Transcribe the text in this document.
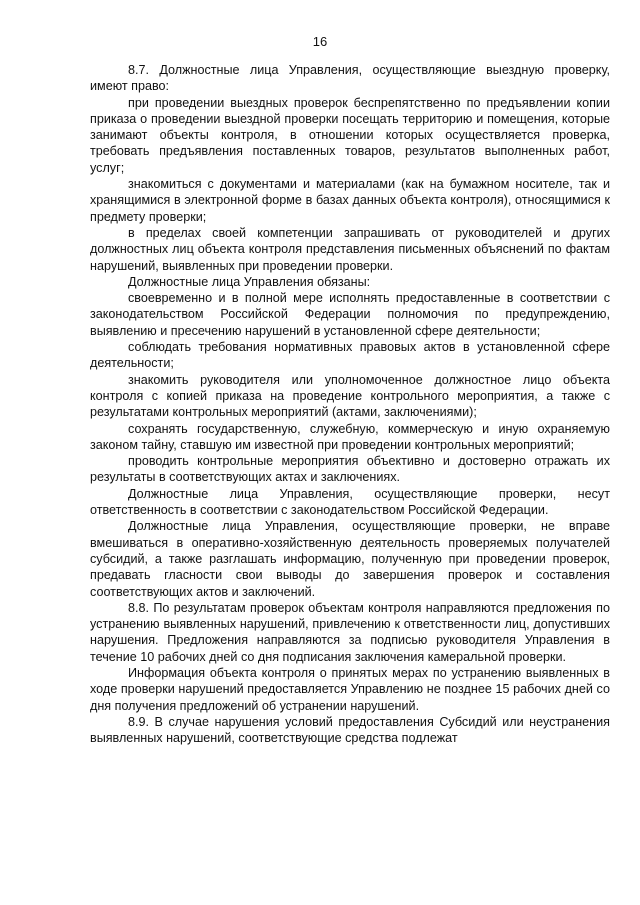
16

8.7. Должностные лица Управления, осуществляющие выездную проверку, имеют право:

при проведении выездных проверок беспрепятственно по предъявлении копии приказа о проведении выездной проверки посещать территорию и помещения, которые занимают объекты контроля, в отношении которых осуществляется проверка, требовать предъявления поставленных товаров, результатов выполненных работ, услуг;

знакомиться с документами и материалами (как на бумажном носителе, так и хранящимися в электронной форме в базах данных объекта контроля), относящимися к предмету проверки;

в пределах своей компетенции запрашивать от руководителей и других должностных лиц объекта контроля представления письменных объяснений по фактам нарушений, выявленных при проведении проверки.

Должностные лица Управления обязаны:

своевременно и в полной мере исполнять предоставленные в соответствии с законодательством Российской Федерации полномочия по предупреждению, выявлению и пресечению нарушений в установленной сфере деятельности;

соблюдать требования нормативных правовых актов в установленной сфере деятельности;

знакомить руководителя или уполномоченное должностное лицо объекта контроля с копией приказа на проведение контрольного мероприятия, а также с результатами контрольных мероприятий (актами, заключениями);

сохранять государственную, служебную, коммерческую и иную охраняемую законом тайну, ставшую им известной при проведении контрольных мероприятий;

проводить контрольные мероприятия объективно и достоверно отражать их результаты в соответствующих актах и заключениях.

Должностные лица Управления, осуществляющие проверки, несут ответственность в соответствии с законодательством Российской Федерации.

Должностные лица Управления, осуществляющие проверки, не вправе вмешиваться в оперативно-хозяйственную деятельность проверяемых получателей субсидий, а также разглашать информацию, полученную при проведении проверок, предавать гласности свои выводы до завершения проверок и составления соответствующих актов и заключений.

8.8. По результатам проверок объектам контроля направляются предложения по устранению выявленных нарушений, привлечению к ответственности лиц, допустивших нарушения. Предложения направляются за подписью руководителя Управления в течение 10 рабочих дней со дня подписания заключения камеральной проверки.

Информация объекта контроля о принятых мерах по устранению выявленных в ходе проверки нарушений предоставляется Управлению не позднее 15 рабочих дней со дня получения предложений об устранении нарушений.

8.9. В случае нарушения условий предоставления Субсидий или неустранения выявленных нарушений, соответствующие средства подлежат
